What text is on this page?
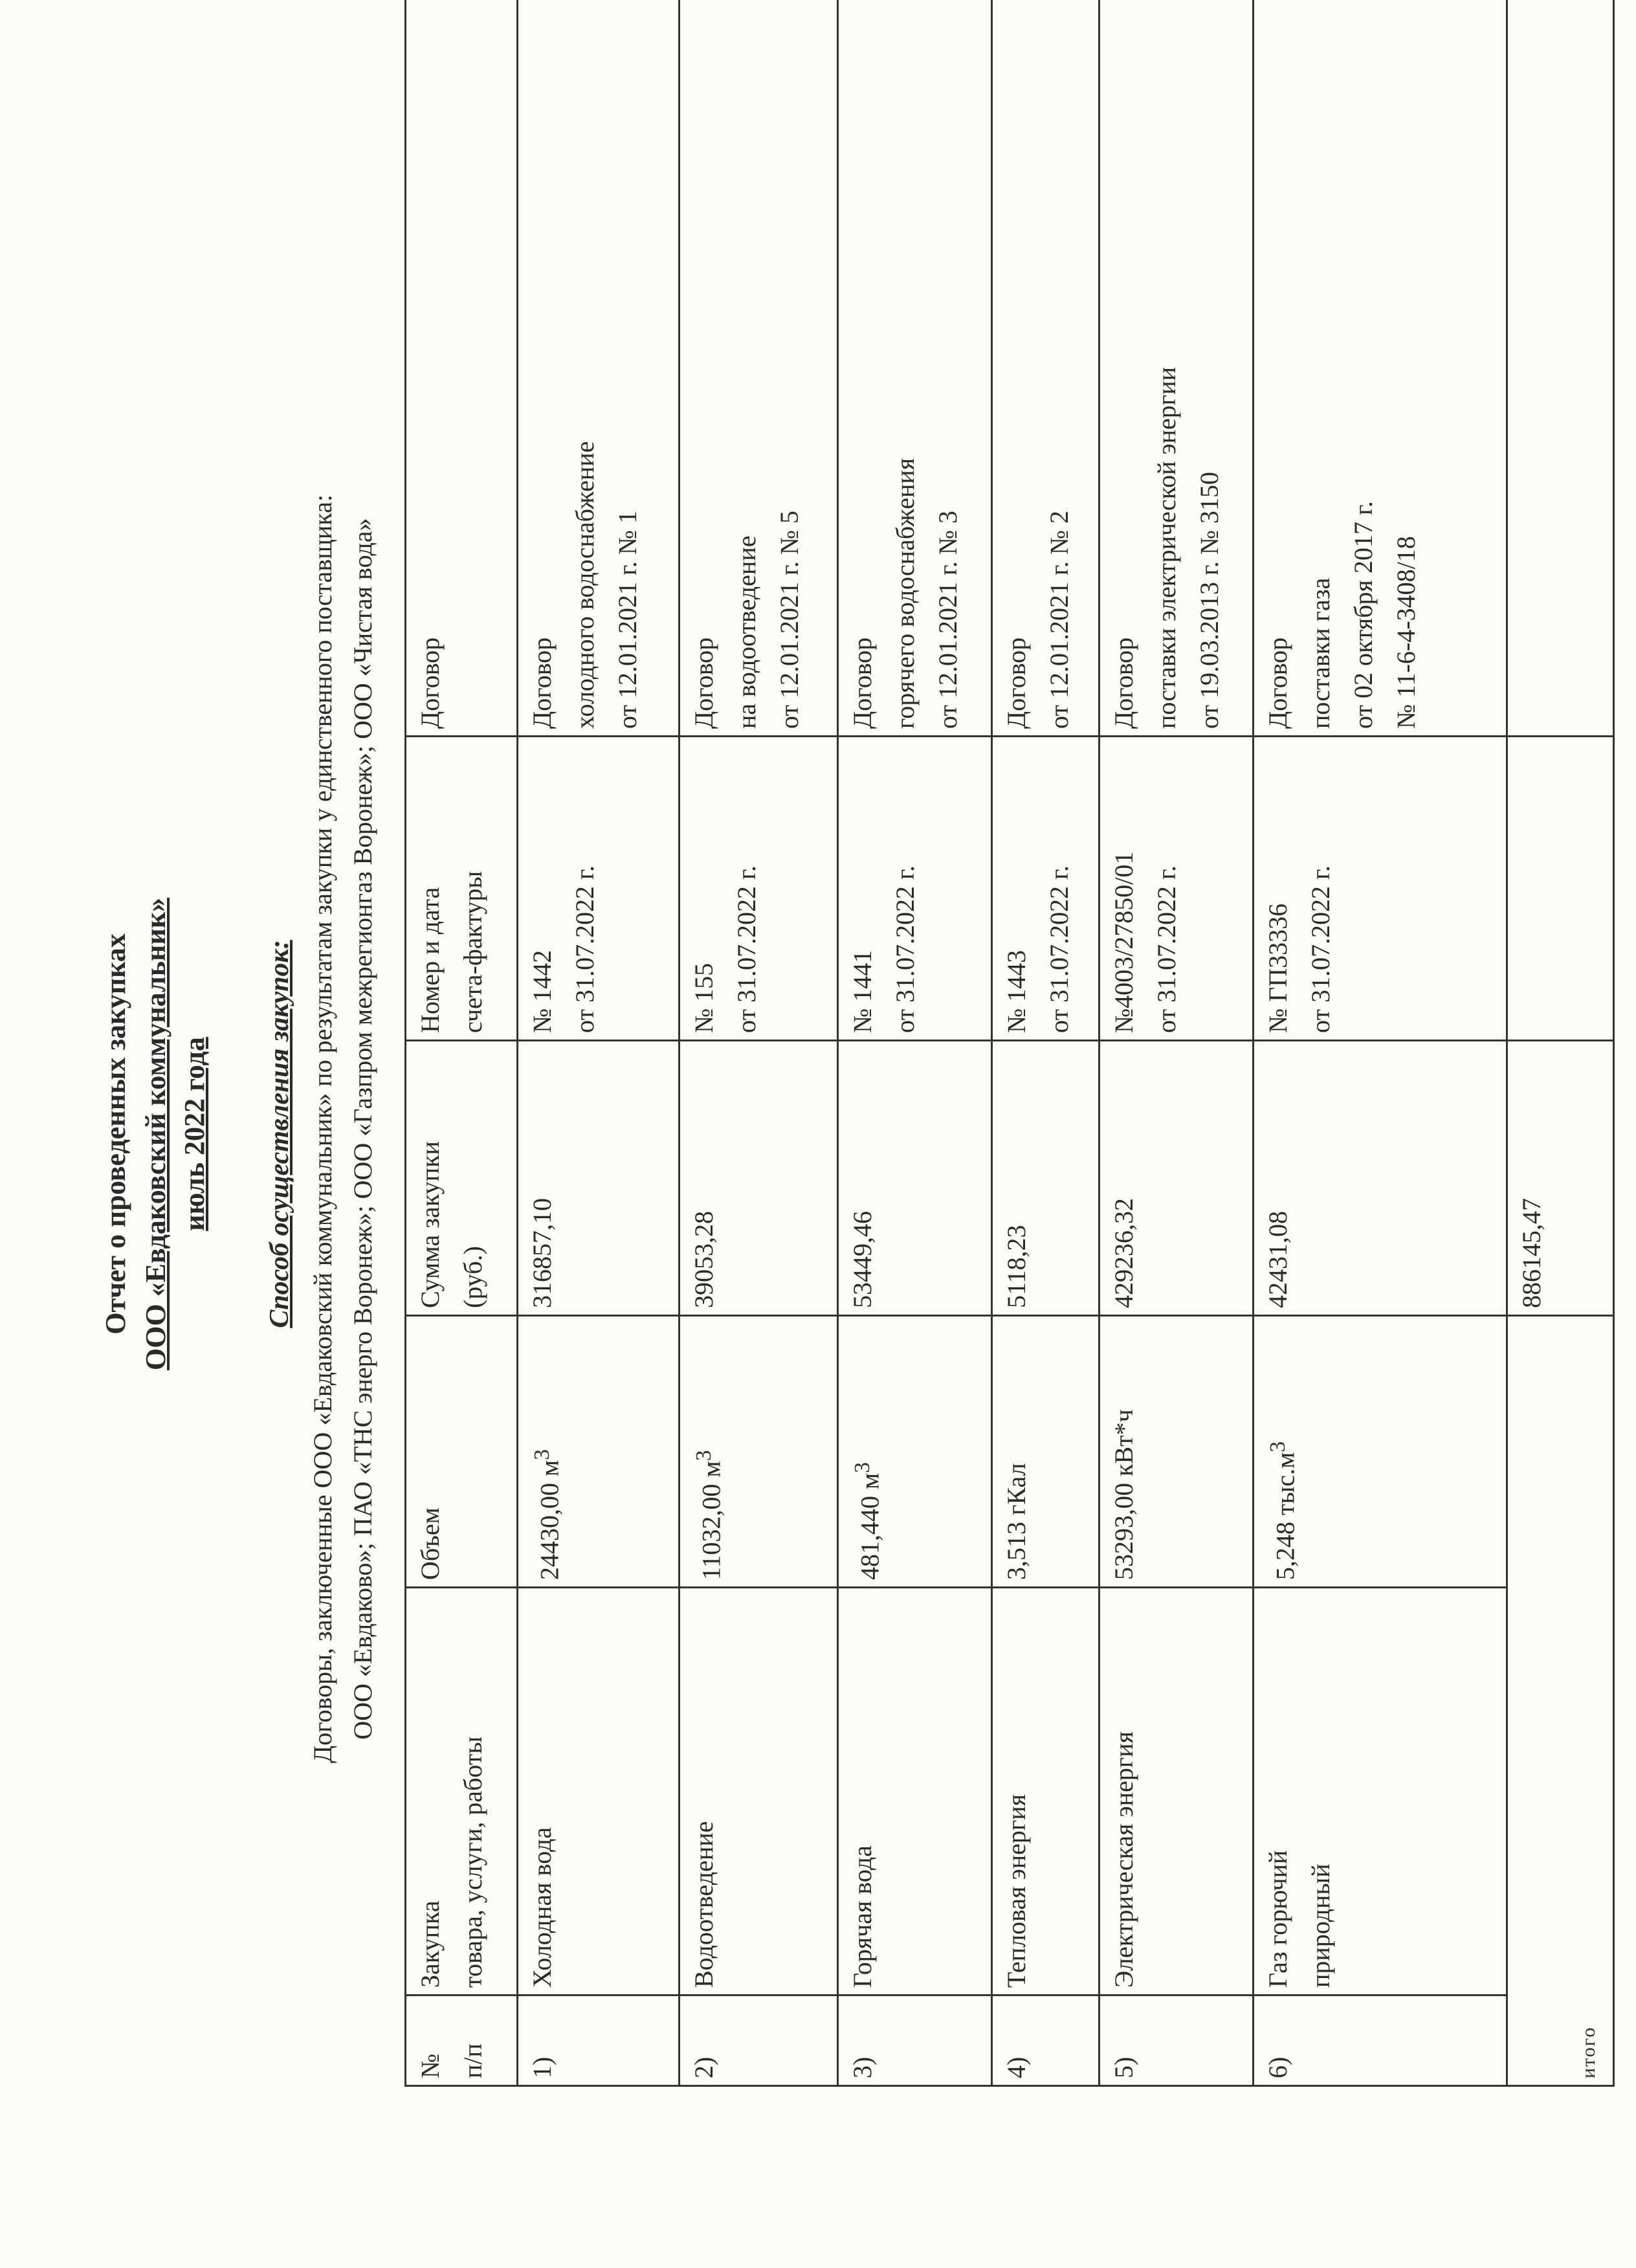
Отчет о проведенных закупках ООО «Евдаковский коммунальник» июль 2022 года Способ осуществления закупок: Договоры, заключенные ООО «Евдаковский коммунальник» по результатам закупки у единственного поставщика: ООО «Евдаково»; ПАО «ТНС энерго Воронеж»; ООО «Газпром межрегионгаз Воронеж»; ООО «Чистая вода»
№ п/п	Закупка товара, услуги, работы	Объем	Сумма закупки (руб.)	Номер и дата счета-фактуры	Договор
1)	Холодная вода	24430,00 $м^3$	316857,10	№ 1442 от 31.07.2022 г.	Договор холодного водоснабжение от 12.01.2021 г. № 1

2)	Водоотведение	11032,00 $м^3$	39053,28	№ 155 от 31.07.2022 г.	Договор на водоотведение от 12.01.2021 г. № 5

3)	Горячая вода	481,440 $м^3$	53449,46	№ 1441 от 31.07.2022 г.	Договор горячего водоснабжения от 12.01.2021 г. № 3

4)	Тепловая энергия	3,513 гКал	5118,23	№ 1443 от 31.07.2022 г.	Договор от 12.01.2021 г. № 2

5)	Электрическая энергия	53293,00 кВт*ч	429236,32	№4003/27850/01 от 31.07.2022 г.	Договор поставки электрической энергии от 19.03.2013 г. № 3150

6)	Газ горючий природный	5,248 $тыс.м^3$	42431,08	№ ГП33336 от 31.07.2022 г.	Договор поставки газа от 02 октября 2017 г. № 11-6-4-3408/18

итого			886145,47		
